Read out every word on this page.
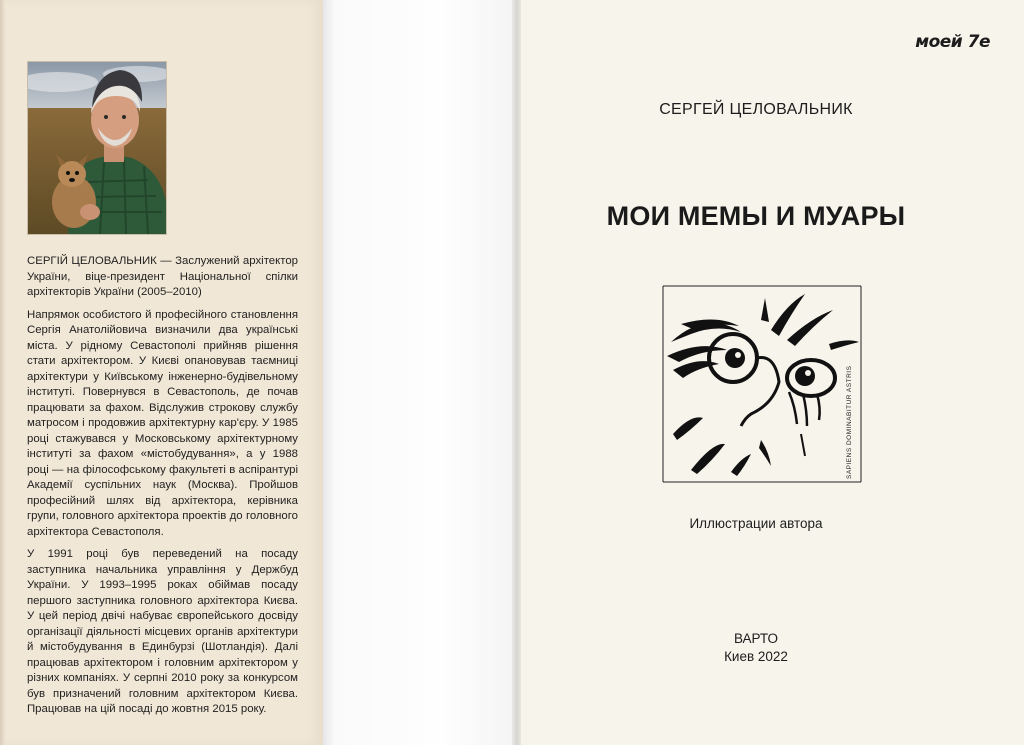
СЕРГІЙ ЦЕЛОВАЛЬНИК — Заслужений архітектор України, віце-президент Національної спілки архітекторів України (2005–2010)

Напрямок особистого й професійного становлення Сергія Анатолійовича визначили два українські міста. У рідному Севастополі прийняв рішення стати архітектором. У Києві опановував таємниці архітектури у Київському інженерно-будівельному інституті. Повернувся в Севастополь, де почав працювати за фахом. Відслужив строкову службу матросом і продовжив архітектурну кар'єру. У 1985 році стажувався у Московському архітектурному інституті за фахом «містобудування», а у 1988 році — на філософському факультеті в аспірантурі Академії суспільних наук (Москва). Пройшов професійний шлях від архітектора, керівника групи, головного архітектора проектів до головного архітектора Севастополя.

У 1991 році був переведений на посаду заступника начальника управління у Держбуд України. У 1993–1995 роках обіймав посаду першого заступника головного архітектора Києва. У цей період двічі набуває європейського досвіду організації діяльності місцевих органів архітектури й містобудування в Единбурзі (Шотландія). Далі працював архітектором і головним архітектором у різних компаніях. У серпні 2010 року за конкурсом був призначений головним архітектором Києва. Працював на цій посаді до жовтня 2015 року.

моей 7е
СЕРГЕЙ ЦЕЛОВАЛЬНИК
МОИ МЕМЫ И МУАРЫ
SAPIENS DOMINABITUR ASTRIS
Иллюстрации автора
ВАРТО
Киев 2022
